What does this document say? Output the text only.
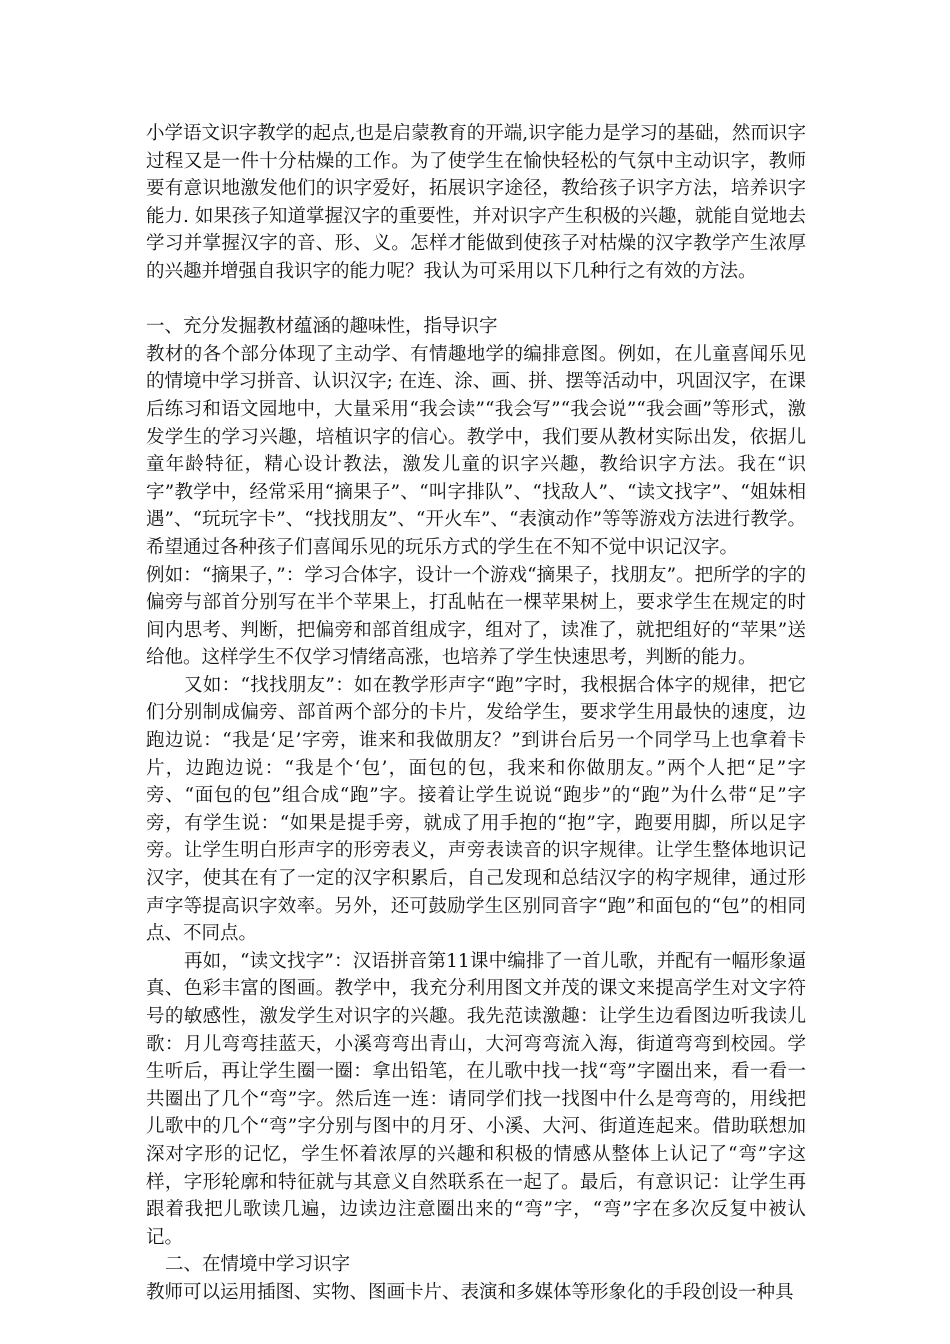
小学语文识字教学的起点,也是启蒙教育的开端,识字能力是学习的基础，然而识字过程又是一件十分枯燥的工作。为了使学生在愉快轻松的气氛中主动识字，教师要有意识地激发他们的识字爱好，拓展识字途径，教给孩子识字方法，培养识字能力. 如果孩子知道掌握汉字的重要性，并对识字产生积极的兴趣，就能自觉地去学习并掌握汉字的音、形、义。怎样才能做到使孩子对枯燥的汉字教学产生浓厚的兴趣并增强自我识字的能力呢？我认为可采用以下几种行之有效的方法。

一、充分发掘教材蕴涵的趣味性，指导识字

教材的各个部分体现了主动学、有情趣地学的编排意图。例如，在儿童喜闻乐见的情境中学习拼音、认识汉字; 在连、涂、画、拼、摆等活动中，巩固汉字，在课后练习和语文园地中，大量采用“我会读”“我会写”“我会说”“我会画”等形式，激发学生的学习兴趣，培植识字的信心。教学中，我们要从教材实际出发，依据儿童年龄特征，精心设计教法，激发儿童的识字兴趣，教给识字方法。我在“识字”教学中，经常采用“摘果子”、“叫字排队”、“找敌人”、“读文找字”、“姐妹相遇”、“玩玩字卡”、“找找朋友”、“开火车”、“表演动作”等等游戏方法进行教学。希望通过各种孩子们喜闻乐见的玩乐方式的学生在不知不觉中识记汉字。

例如：“摘果子，”：学习合体字，设计一个游戏“摘果子，找朋友”。把所学的字的偏旁与部首分别写在半个苹果上，打乱帖在一棵苹果树上，要求学生在规定的时间内思考、判断，把偏旁和部首组成字，组对了，读准了，就把组好的“苹果”送给他。这样学生不仅学习情绪高涨，也培养了学生快速思考，判断的能力。

又如：“找找朋友”：如在教学形声字“跑”字时，我根据合体字的规律，把它们分别制成偏旁、部首两个部分的卡片，发给学生，要求学生用最快的速度，边跑边说：“我是‘足’字旁，谁来和我做朋友？”到讲台后另一个同学马上也拿着卡片，边跑边说：“我是个‘包’，面包的包，我来和你做朋友。”两个人把“足”字旁、“面包的包”组合成“跑”字。接着让学生说说“跑步”的“跑”为什么带“足”字旁，有学生说：“如果是提手旁，就成了用手抱的“抱”字，跑要用脚，所以足字旁。让学生明白形声字的形旁表义，声旁表读音的识字规律。让学生整体地识记汉字，使其在有了一定的汉字积累后，自己发现和总结汉字的构字规律，通过形声字等提高识字效率。另外，还可鼓励学生区别同音字“跑”和面包的“包”的相同点、不同点。

再如，“读文找字”：汉语拼音第11课中编排了一首儿歌，并配有一幅形象逼真、色彩丰富的图画。教学中，我充分利用图文并茂的课文来提高学生对文字符号的敏感性，激发学生对识字的兴趣。我先范读激趣：让学生边看图边听我读儿歌：月儿弯弯挂蓝天，小溪弯弯出青山，大河弯弯流入海，街道弯弯到校园。学生听后，再让学生圈一圈：拿出铅笔，在儿歌中找一找“弯”字圈出来，看一看一共圈出了几个“弯”字。然后连一连：请同学们找一找图中什么是弯弯的，用线把儿歌中的几个“弯”字分别与图中的月牙、小溪、大河、街道连起来。借助联想加深对字形的记忆，学生怀着浓厚的兴趣和积极的情感从整体上认记了“弯”字这样，字形轮廓和特征就与其意义自然联系在一起了。最后，有意识记：让学生再跟着我把儿歌读几遍，边读边注意圈出来的“弯”字，“弯”字在多次反复中被认记。

二、在情境中学习识字

教师可以运用插图、实物、图画卡片、表演和多媒体等形象化的手段创设一种具
